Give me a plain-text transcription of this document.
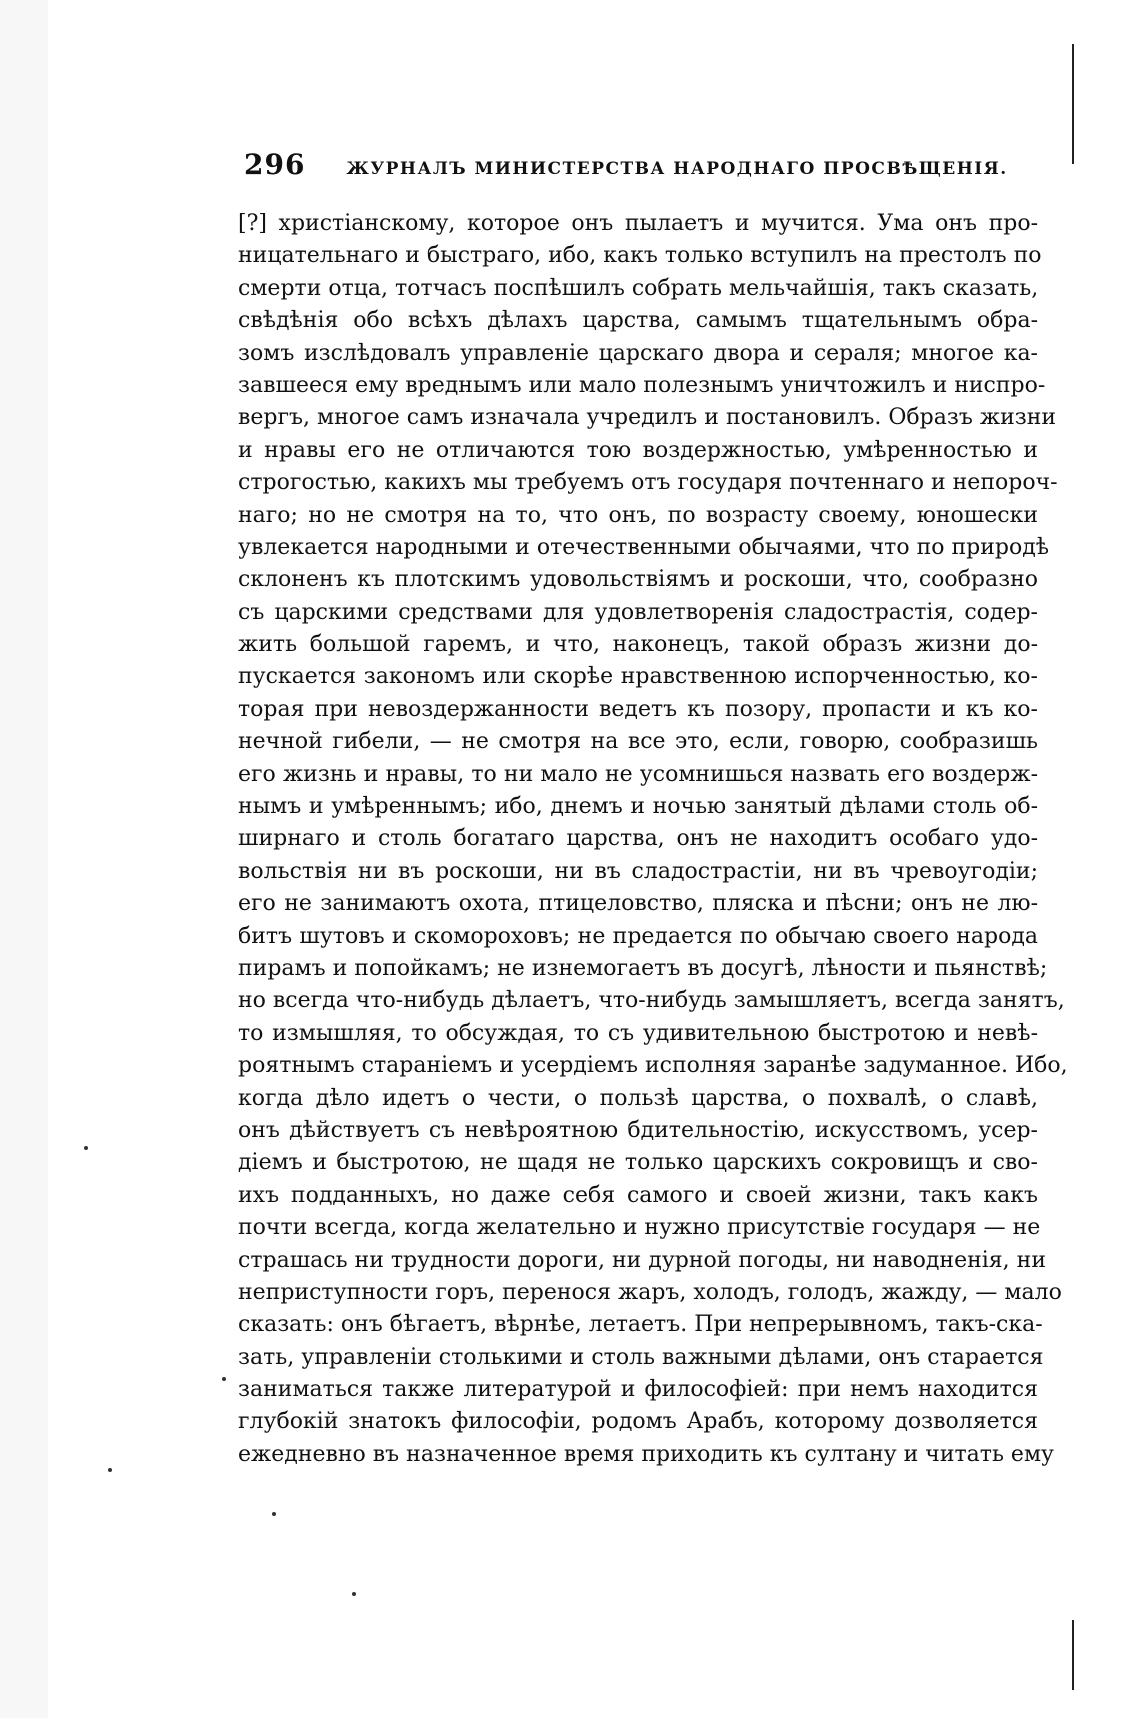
296 ЖУРНАЛЪ МИНИСТЕРСТВА НАРОДНАГО ПРОСВѢЩЕНІЯ.
[?] христіанскому, которое онъ пылаетъ и мучится. Ума онъ про-
ницательнаго и быстраго, ибо, какъ только вступилъ на престолъ по
смерти отца, тотчасъ поспѣшилъ собрать мельчайшія, такъ сказать,
свѣдѣнія обо всѣхъ дѣлахъ царства, самымъ тщательнымъ обра-
зомъ изслѣдовалъ управленіе царскаго двора и сераля; многое ка-
завшееся ему вреднымъ или мало полезнымъ уничтожилъ и ниспро-
вергъ, многое самъ изначала учредилъ и постановилъ. Образъ жизни
и нравы его не отличаются тою воздержностью, умѣренностью и
строгостью, какихъ мы требуемъ отъ государя почтеннаго и непороч-
наго; но не смотря на то, что онъ, по возрасту своему, юношески
увлекается народными и отечественными обычаями, что по природѣ
склоненъ къ плотскимъ удовольствіямъ и роскоши, что, сообразно
съ царскими средствами для удовлетворенія сладострастія, содер-
жить большой гаремъ, и что, наконецъ, такой образъ жизни до-
пускается закономъ или скорѣе нравственною испорченностью, ко-
торая при невоздержанности ведетъ къ позору, пропасти и къ ко-
нечной гибели, — не смотря на все это, если, говорю, сообразишь
его жизнь и нравы, то ни мало не усомнишься назвать его воздерж-
нымъ и умѣреннымъ; ибо, днемъ и ночью занятый дѣлами столь об-
ширнаго и столь богатаго царства, онъ не находитъ особаго удо-
вольствія ни въ роскоши, ни въ сладострастіи, ни въ чревоугодіи;
его не занимаютъ охота, птицеловство, пляска и пѣсни; онъ не лю-
битъ шутовъ и скомороховъ; не предается по обычаю своего народа
пирамъ и попойкамъ; не изнемогаетъ въ досугѣ, лѣности и пьянствѣ;
но всегда что-нибудь дѣлаетъ, что-нибудь замышляетъ, всегда занятъ,
то измышляя, то обсуждая, то съ удивительною быстротою и невѣ-
роятнымъ стараніемъ и усердіемъ исполняя заранѣе задуманное. Ибо,
когда дѣло идетъ о чести, о пользѣ царства, о похвалѣ, о славѣ,
онъ дѣйствуетъ съ невѣроятною бдительностію, искусствомъ, усер-
діемъ и быстротою, не щадя не только царскихъ сокровищъ и сво-
ихъ подданныхъ, но даже себя самого и своей жизни, такъ какъ
почти всегда, когда желательно и нужно присутствіе государя — не
страшась ни трудности дороги, ни дурной погоды, ни наводненія, ни
неприступности горъ, перенося жаръ, холодъ, голодъ, жажду, — мало
сказать: онъ бѣгаетъ, вѣрнѣе, летаетъ. При непрерывномъ, такъ-ска-
зать, управленіи столькими и столь важными дѣлами, онъ старается
заниматься также литературой и философіей: при немъ находится
глубокій знатокъ философіи, родомъ Арабъ, которому дозволяется
ежедневно въ назначенное время приходить къ султану и читать ему
